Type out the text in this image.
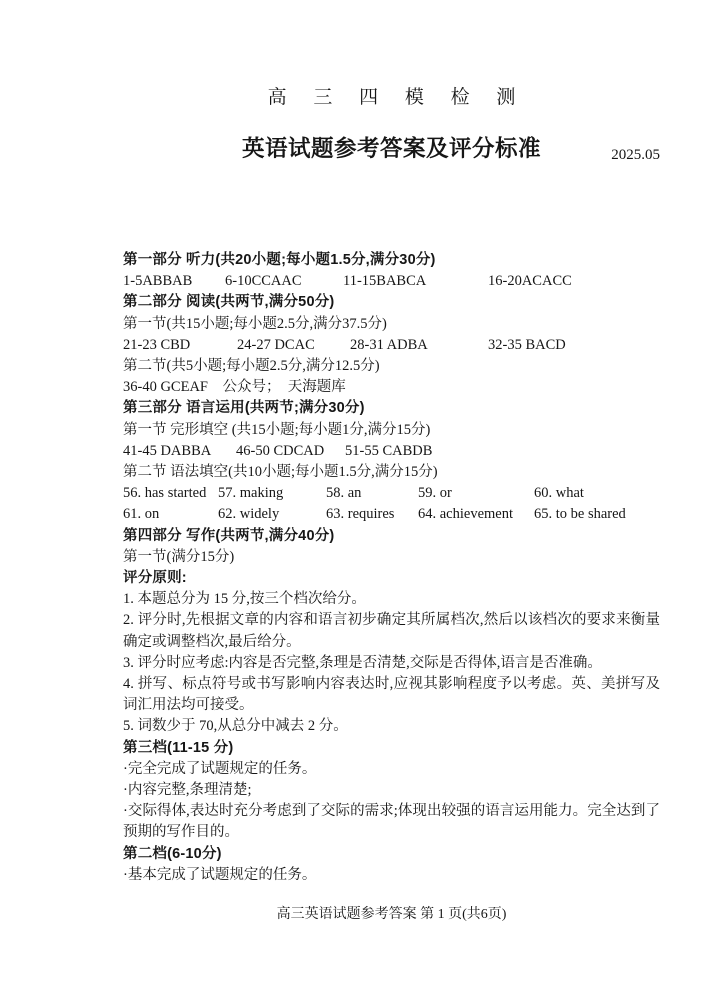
高 三 四 模 检 测
英语试题参考答案及评分标准	2025.05
第一部分 听力(共20小题;每小题1.5分,满分30分)
1-5ABBAB	6-10CCAAC	11-15BABCA	16-20ACACC
第二部分 阅读(共两节,满分50分)
第一节(共15小题;每小题2.5分,满分37.5分)
21-23 CBD	24-27 DCAC	28-31 ADBA	32-35 BACD
第二节(共5小题;每小题2.5分,满分12.5分)
36-40 GCEAF　公众号；　天海题库
第三部分 语言运用(共两节;满分30分)
第一节 完形填空 (共15小题;每小题1分,满分15分)
41-45 DABBA	46-50 CDCAD	51-55 CABDB
第二节 语法填空(共10小题;每小题1.5分,满分15分)
56. has started 57. making	58. an	59. or	60. what
61. on	62. widely	63. requires	64. achievement	65. to be shared
第四部分 写作(共两节,满分40分)
第一节(满分15分)
评分原则:
1. 本题总分为 15 分,按三个档次给分。
2. 评分时,先根据文章的内容和语言初步确定其所属档次,然后以该档次的要求来衡量确定或调整档次,最后给分。
3. 评分时应考虑:内容是否完整,条理是否清楚,交际是否得体,语言是否准确。
4. 拼写、标点符号或书写影响内容表达时,应视其影响程度予以考虑。英、美拼写及词汇用法均可接受。
5. 词数少于 70,从总分中减去 2 分。
第三档(11-15 分)
·完全完成了试题规定的任务。
·内容完整,条理清楚;
·交际得体,表达时充分考虑到了交际的需求;体现出较强的语言运用能力。完全达到了预期的写作目的。
第二档(6-10分)
·基本完成了试题规定的任务。
高三英语试题参考答案 第 1 页(共6页)
